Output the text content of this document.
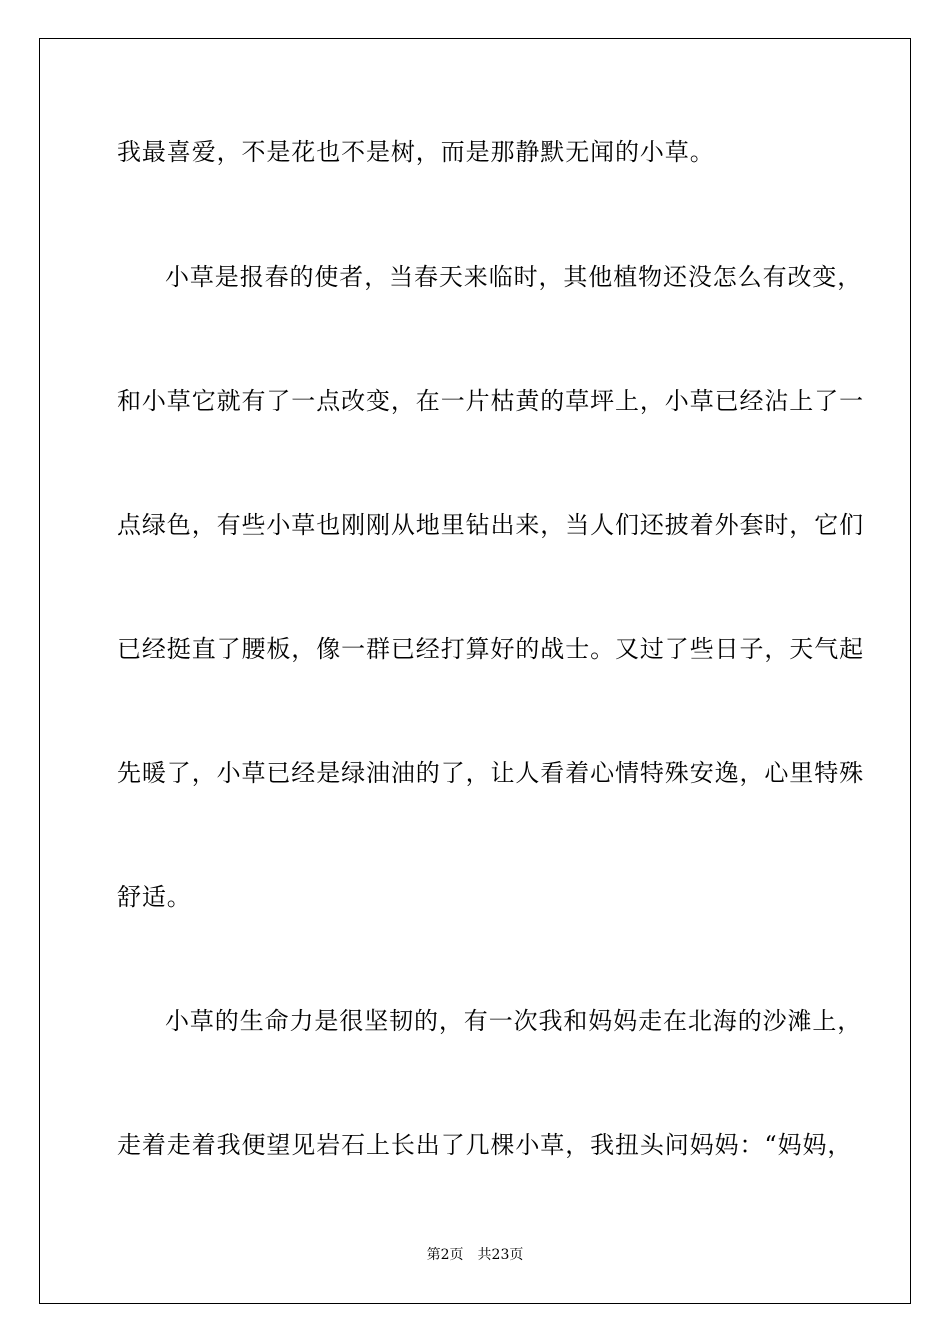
我最喜爱，不是花也不是树，而是那静默无闻的小草。
小草是报春的使者，当春天来临时，其他植物还没怎么有改变，
和小草它就有了一点改变，在一片枯黄的草坪上，小草已经沾上了一
点绿色，有些小草也刚刚从地里钻出来，当人们还披着外套时，它们
已经挺直了腰板，像一群已经打算好的战士。又过了些日子，天气起
先暖了，小草已经是绿油油的了，让人看着心情特殊安逸，心里特殊
舒适。
小草的生命力是很坚韧的，有一次我和妈妈走在北海的沙滩上，
走着走着我便望见岩石上长出了几棵小草，我扭头问妈妈：“妈妈，
第2页 共23页
